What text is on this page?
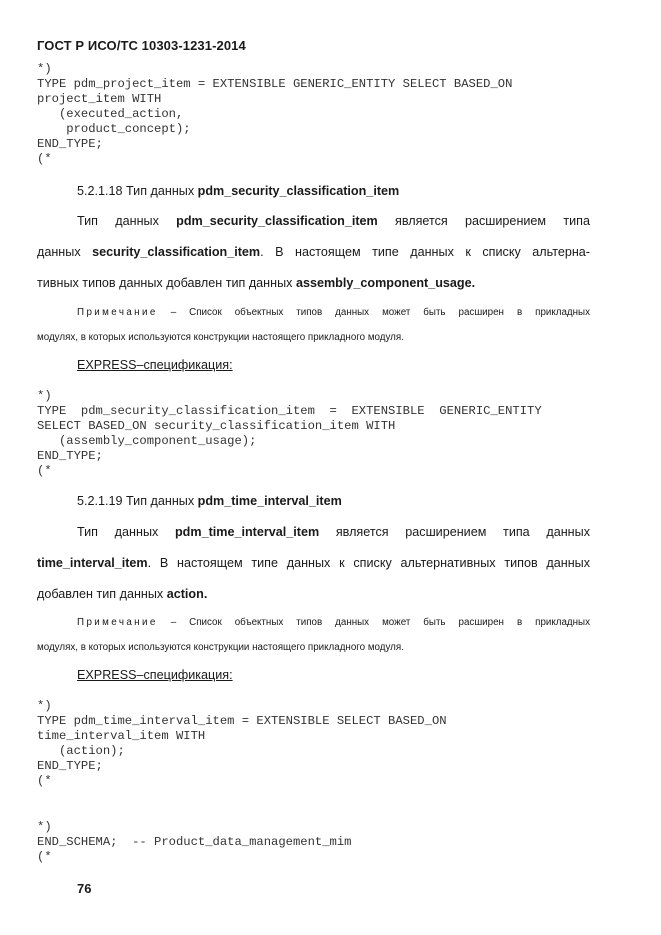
ГОСТ Р ИСО/ТС 10303-1231-2014
*)
TYPE pdm_project_item = EXTENSIBLE GENERIC_ENTITY SELECT BASED_ON
project_item WITH
(executed_action,
product_concept);
END_TYPE;
(*
5.2.1.18 Тип данных pdm_security_classification_item
Тип данных pdm_security_classification_item является расширением типа
данных security_classification_item. В настоящем типе данных к списку альтерна-
тивных типов данных добавлен тип данных assembly_component_usage.
Примечание – Список объектных типов данных может быть расширен в прикладных
модулях, в которых используются конструкции настоящего прикладного модуля.
EXPRESS–спецификация:
*)
TYPE  pdm_security_classification_item  =  EXTENSIBLE  GENERIC_ENTITY
SELECT BASED_ON security_classification_item WITH
(assembly_component_usage);
END_TYPE;
(*
5.2.1.19 Тип данных pdm_time_interval_item
Тип данных pdm_time_interval_item является расширением типа данных
time_interval_item. В настоящем типе данных к списку альтернативных типов данных
добавлен тип данных action.
Примечание – Список объектных типов данных может быть расширен в прикладных
модулях, в которых используются конструкции настоящего прикладного модуля.
EXPRESS–спецификация:
*)
TYPE pdm_time_interval_item = EXTENSIBLE SELECT BASED_ON
time_interval_item WITH
(action);
END_TYPE;
(*
*)
END_SCHEMA;  -- Product_data_management_mim
(*
76
